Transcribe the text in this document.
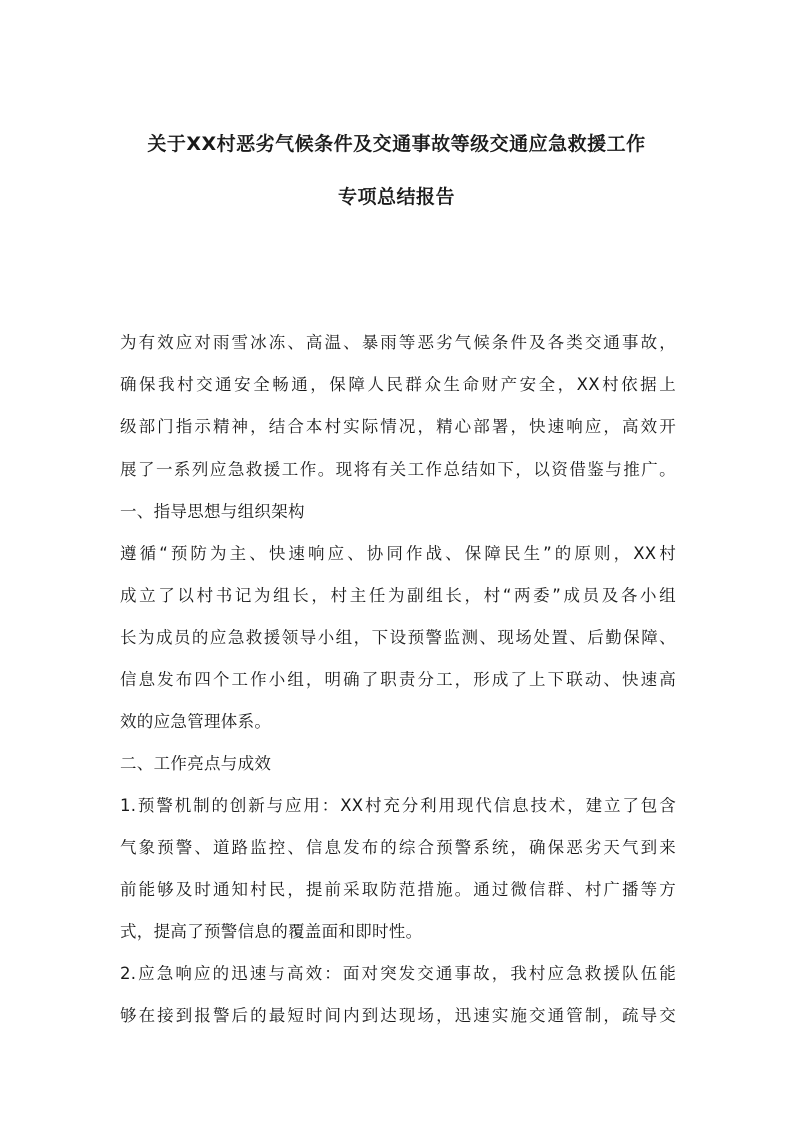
关于XX村恶劣气候条件及交通事故等级交通应急救援工作
专项总结报告
为有效应对雨雪冰冻、高温、暴雨等恶劣气候条件及各类交通事故，
确保我村交通安全畅通，保障人民群众生命财产安全，XX村依据上
级部门指示精神，结合本村实际情况，精心部署，快速响应，高效开
展了一系列应急救援工作。现将有关工作总结如下，以资借鉴与推广。
一、指导思想与组织架构
遵循“预防为主、快速响应、协同作战、保障民生”的原则，XX村
成立了以村书记为组长，村主任为副组长，村“两委”成员及各小组
长为成员的应急救援领导小组，下设预警监测、现场处置、后勤保障、
信息发布四个工作小组，明确了职责分工，形成了上下联动、快速高
效的应急管理体系。
二、工作亮点与成效
1.预警机制的创新与应用：XX村充分利用现代信息技术，建立了包含
气象预警、道路监控、信息发布的综合预警系统，确保恶劣天气到来
前能够及时通知村民，提前采取防范措施。通过微信群、村广播等方
式，提高了预警信息的覆盖面和即时性。
2.应急响应的迅速与高效：面对突发交通事故，我村应急救援队伍能
够在接到报警后的最短时间内到达现场，迅速实施交通管制，疏导交
